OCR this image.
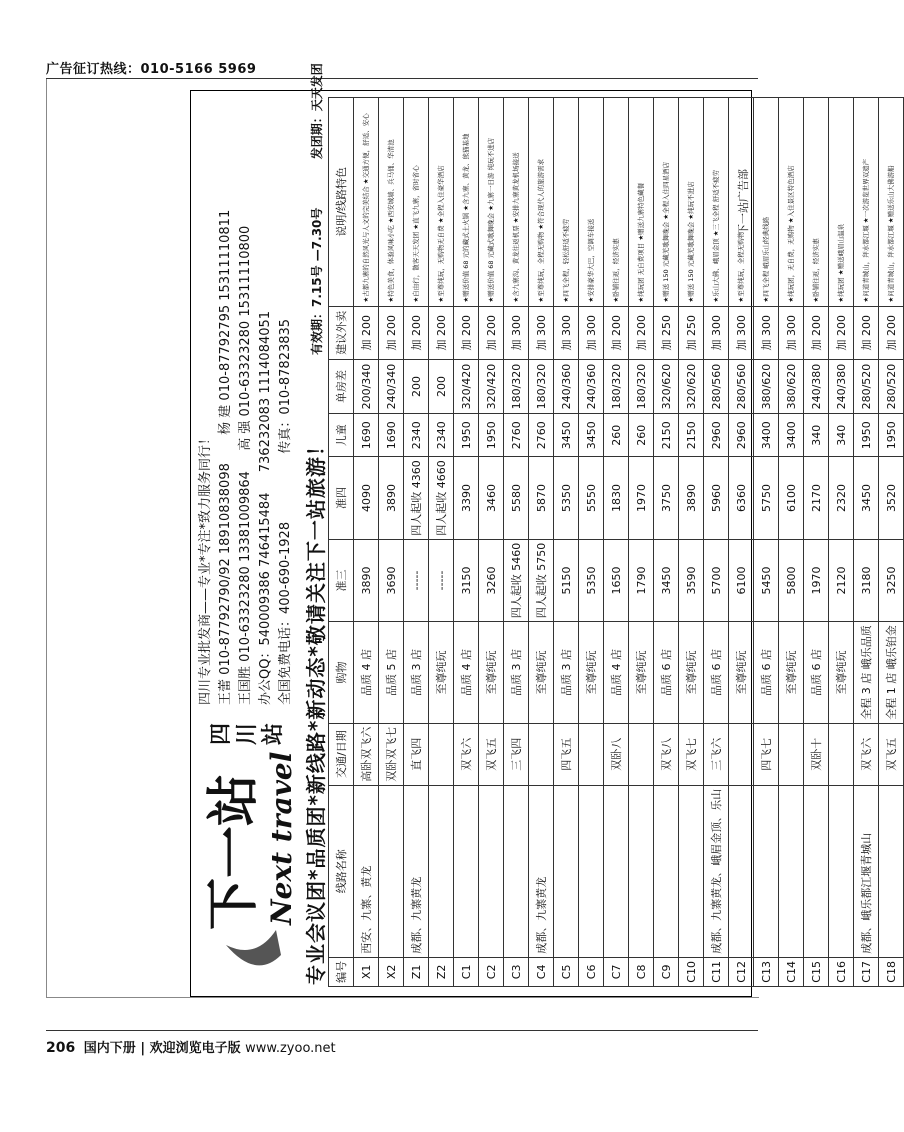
广告征订热线：010-5166 5969
下一站 Next travel
四川站
四川专业批发商——专业*专注*致力服务同行！ 王蕾 010-87792790/92 18910838098  杨 建 010-87792795 15311110811
王国胜 010-63323280 13381009864  高 强 010-63323280 15311110800
办公QQ：540009386 746415484  736232083 1114084051
全国免费电话：400-690-1928  传真：010-87823835
专业会议团*品质团*新线路*新动态*敬请关注下一站旅游！
有效期：7.15号 —7.30号  发团期：天天发团
编号	线路名称	交通/日期	购物	准三	准四	儿童	单房差	建议外卖	说明/线路特色
X1	西安、九寨、黄龙	高卧双飞六	品质 4 店	3890	4090	1690	200/340	加 200	★古都九寨的自然风光与人文的完美结合 ★交通方便，舒适、安心
X2		双卧双飞七	品质 5 店	3690	3890	1690	240/340	加 200	★特色美食，体验风味小吃 ★西安城墙、兵马俑、华清池
Z1	成都、九寨黄龙	直飞四	品质 3 店	-----	四人起收 4360	2340	200	加 200	★自由行，散客天天发团 ★直飞九寨，省时省心
Z2			至尊纯玩	-----	四人起收 4660	2340	200	加 200	★至尊纯玩，无购物无自费 ★全程入住豪华酒店
C1		双飞六	品质 4 店	3150	3390	1950	320/420	加 200	★赠送价值 68 元的藏式土火锅 ★含九寨、黄龙、熊猫基地
C2		双飞五	至尊纯玩	3260	3460	1950	320/420	加 200	★赠送价值 68 元藏式歌舞晚会 ★九寨一日游 纯玩不进店
C3		三飞四	品质 3 店	四人起收 5460	5580	2760	180/320	加 300	★含九寨沟、黄龙往返机票 ★安排九寨黄龙机场接送
C4	成都、九寨黄龙		至尊纯玩	四人起收 5750	5870	2760	180/320	加 300	★至尊纯玩，全程无购物 ★符合现代人的旅游需求
C5		四飞五	品质 3 店	5150	5350	3450	240/360	加 300	★四飞全程，轻松舒适不疲劳
C6			至尊纯玩	5350	5550	3450	240/360	加 300	★安排豪华大巴，空调车接送
C7		双卧八	品质 4 店	1650	1830	260	180/320	加 200	★卧铺往返，经济实惠
C8			至尊纯玩	1790	1970	260	180/320	加 200	★纯玩团 无自费项目 ★赠送九寨特色藏餐
C9		双飞八	品质 6 店	3450	3750	2150	320/620	加 250	★赠送 150 元藏羌歌舞晚会 ★全程入住四星酒店
C10		双飞七	至尊纯玩	3590	3890	2150	320/620	加 250	★赠送 150 元藏羌歌舞晚会 ★纯玩不进店
C11	成都、九寨黄龙、峨眉金顶、乐山	三飞六	品质 6 店	5700	5960	2960	280/560	加 300	★乐山大佛、峨眉金顶 ★三飞全程 舒适不疲劳
C12			至尊纯玩	6100	6360	2960	280/560	加 300	★至尊纯玩，全程无购物
C13		四飞七	品质 6 店	5450	5750	3400	380/620	加 300	★四飞全程 峨眉乐山经典线路
C14			至尊纯玩	5800	6100	3400	380/620	加 300	★纯玩团，无自费，无购物 ★入住景区特色酒店
C15		双卧十	品质 6 店	1970	2170	340	240/380	加 200	★卧铺往返，经济实惠
C16			至尊纯玩	2120	2320	340	240/380	加 200	★纯玩团 ★赠送峨眉山温泉
C17	成都、峨乐都江堰青城山	双飞六	全程 3 店 峨乐品质	3180	3450	1950	280/520	加 200	★问道青城山，拜水都江堰 ★一次游览世界双遗产
C18		双飞五	全程 1 店 峨乐铂金	3250	3520	1950	280/520	加 200	★问道青城山，拜水都江堰 ★赠送乐山大佛游船
下一站广告部
206 国内下册 | 欢迎浏览电子版 www.zyoo.net
